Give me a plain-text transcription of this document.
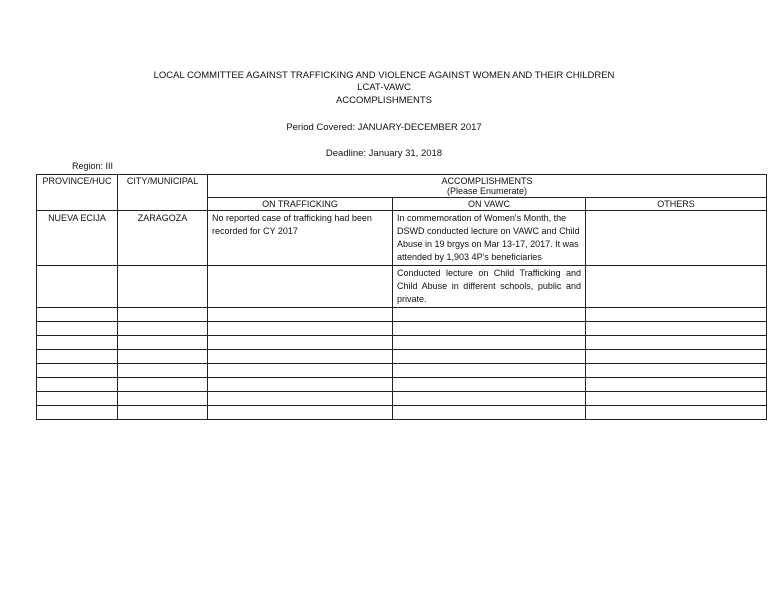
LOCAL COMMITTEE AGAINST TRAFFICKING AND VIOLENCE AGAINST WOMEN AND THEIR CHILDREN
LCAT-VAWC
ACCOMPLISHMENTS
Period Covered: JANUARY-DECEMBER 2017
Deadline: January 31, 2018
Region: III
PROVINCE/HUC	CITY/MUNICIPAL	ACCOMPLISHMENTS
(Please Enumerate)		

		ON TRAFFICKING	ON VAWC	OTHERS
NUEVA ECIJA	ZARAGOZA	No reported case of trafficking had been recorded for CY 2017	In commemoration of Women's Month, the DSWD conducted lecture on VAWC and Child Abuse in 19 brgys on Mar 13-17, 2017. It was attended by 1,903 4P's beneficiaries	
			Conducted lecture on Child Trafficking and Child Abuse in different schools, public and private.	
